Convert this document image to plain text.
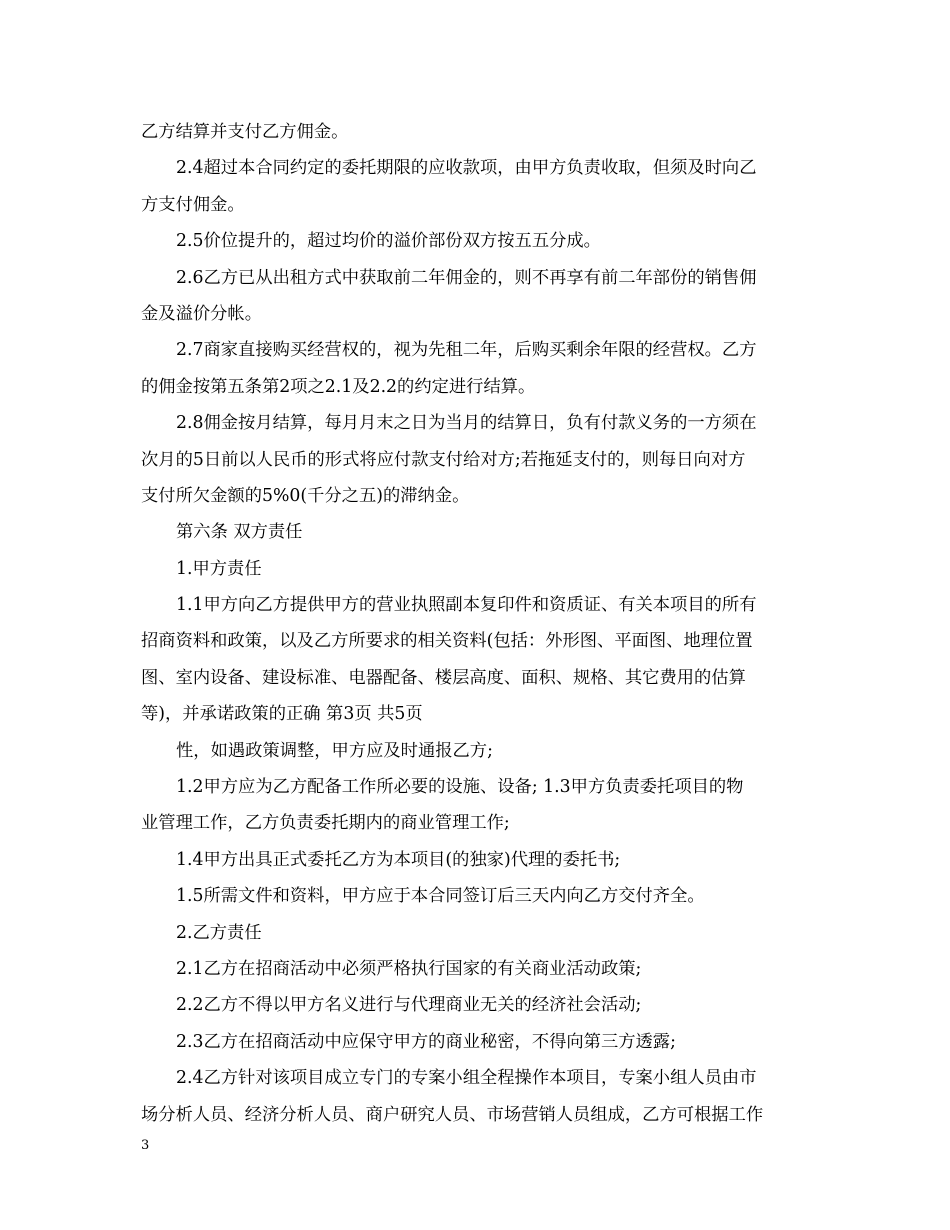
乙方结算并支付乙方佣金。
2.4超过本合同约定的委托期限的应收款项，由甲方负责收取，但须及时向乙
方支付佣金。
2.5价位提升的，超过均价的溢价部份双方按五五分成。
2.6乙方已从出租方式中获取前二年佣金的，则不再享有前二年部份的销售佣
金及溢价分帐。
2.7商家直接购买经营权的，视为先租二年，后购买剩余年限的经营权。乙方
的佣金按第五条第2项之2.1及2.2的约定进行结算。
2.8佣金按月结算，每月月末之日为当月的结算日，负有付款义务的一方须在
次月的5日前以人民币的形式将应付款支付给对方;若拖延支付的，则每日向对方
支付所欠金额的5%0(千分之五)的滞纳金。
第六条 双方责任
1.甲方责任
1.1甲方向乙方提供甲方的营业执照副本复印件和资质证、有关本项目的所有
招商资料和政策，以及乙方所要求的相关资料(包括：外形图、平面图、地理位置
图、室内设备、建设标准、电器配备、楼层高度、面积、规格、其它费用的估算
等)，并承诺政策的正确 第3页 共5页
性，如遇政策调整，甲方应及时通报乙方;
1.2甲方应为乙方配备工作所必要的设施、设备; 1.3甲方负责委托项目的物
业管理工作，乙方负责委托期内的商业管理工作;
1.4甲方出具正式委托乙方为本项目(的独家)代理的委托书;
1.5所需文件和资料，甲方应于本合同签订后三天内向乙方交付齐全。
2.乙方责任
2.1乙方在招商活动中必须严格执行国家的有关商业活动政策;
2.2乙方不得以甲方名义进行与代理商业无关的经济社会活动;
2.3乙方在招商活动中应保守甲方的商业秘密，不得向第三方透露;
2.4乙方针对该项目成立专门的专案小组全程操作本项目，专案小组人员由市
场分析人员、经济分析人员、商户研究人员、市场营销人员组成，乙方可根据工作
3
